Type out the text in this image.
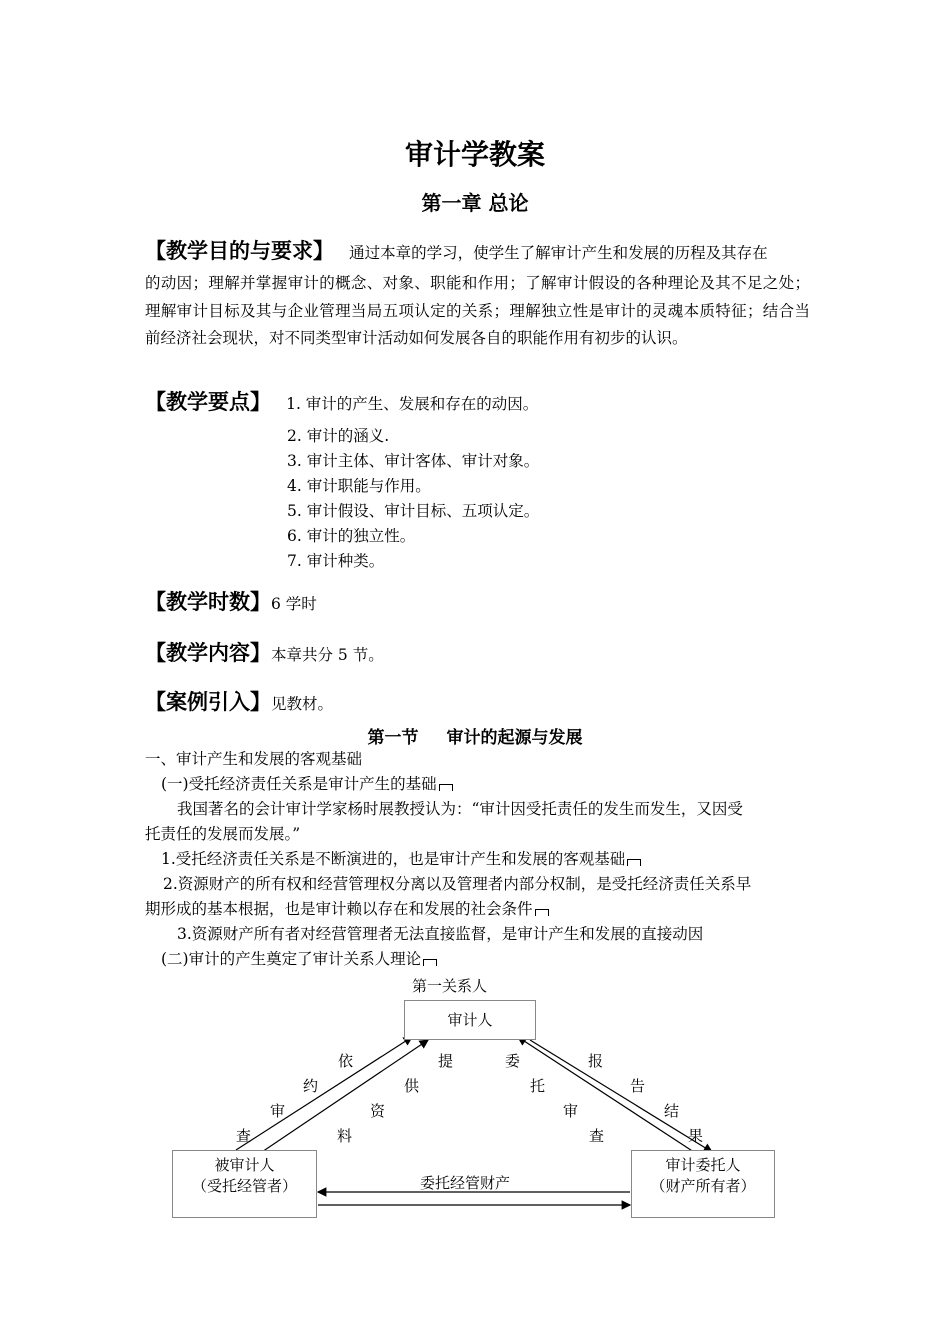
审计学教案
第一章 总论
【教学目的与要求】 通过本章的学习，使学生了解审计产生和发展的历程及其存在
的动因；理解并掌握审计的概念、对象、职能和作用；了解审计假设的各种理论及其不足之处；理解审计目标及其与企业管理当局五项认定的关系；理解独立性是审计的灵魂本质特征；结合当前经济社会现状，对不同类型审计活动如何发展各自的职能作用有初步的认识。
【教学要点】 1. 审计的产生、发展和存在的动因。
2. 审计的涵义.
3. 审计主体、审计客体、审计对象。
4. 审计职能与作用。
5. 审计假设、审计目标、五项认定。
6. 审计的独立性。
7. 审计种类。
【教学时数】6 学时
【教学内容】本章共分 5 节。
【案例引入】见教材。
第一节 审计的起源与发展
一、审计产生和发展的客观基础
(一)受托经济责任关系是审计产生的基础
我国著名的会计审计学家杨时展教授认为：“审计因受托责任的发生而发生，又因受
托责任的发展而发展。”
1.受托经济责任关系是不断演进的，也是审计产生和发展的客观基础
2.资源财产的所有权和经营管理权分离以及管理者内部分权制，是受托经济责任关系早
期形成的基本根据，也是审计赖以存在和发展的社会条件
3.资源财产所有者对经营管理者无法直接监督，是审计产生和发展的直接动因
(二)审计的产生奠定了审计关系人理论
第一关系人
审计人
被审计人
（受托经管者）
审计委托人
（财产所有者）
委托经管财产
依
约
审
查
提
供
资
料
委
托
审
查
报
告
结
果
